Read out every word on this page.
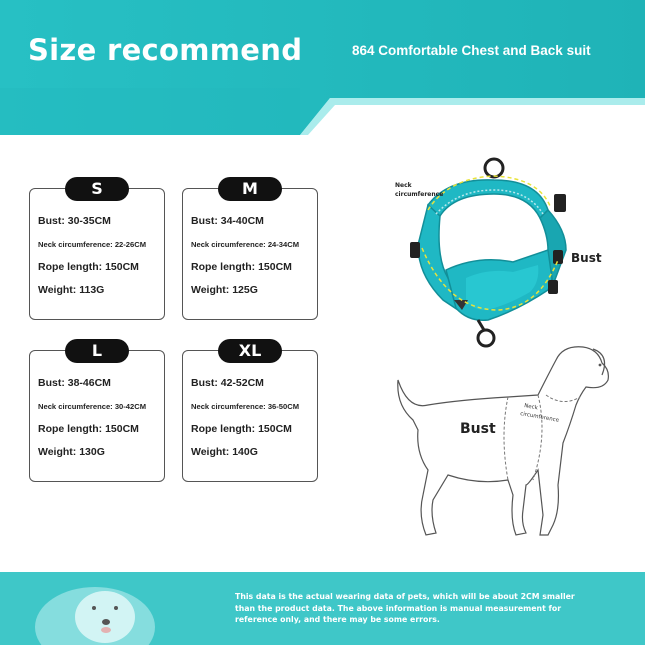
Size recommend	864 Comfortable Chest and Back suit
S
Bust: 30-35CM
Neck circumference: 22-26CM
Rope length: 150CM
Weight: 113G
M
Bust: 34-40CM
Neck circumference: 24-34CM
Rope length: 150CM
Weight: 125G
L
Bust: 38-46CM
Neck circumference: 30-42CM
Rope length: 150CM
Weight: 130G
XL
Bust: 42-52CM
Neck circumference: 36-50CM
Rope length: 150CM
Weight: 140G
Neck
circumference
Bust
Neck
circumference
Bust
This data is the actual wearing data of pets, which will be about 2CM smaller
than the product data. The above information is manual measurement for
reference only, and there may be some errors.
